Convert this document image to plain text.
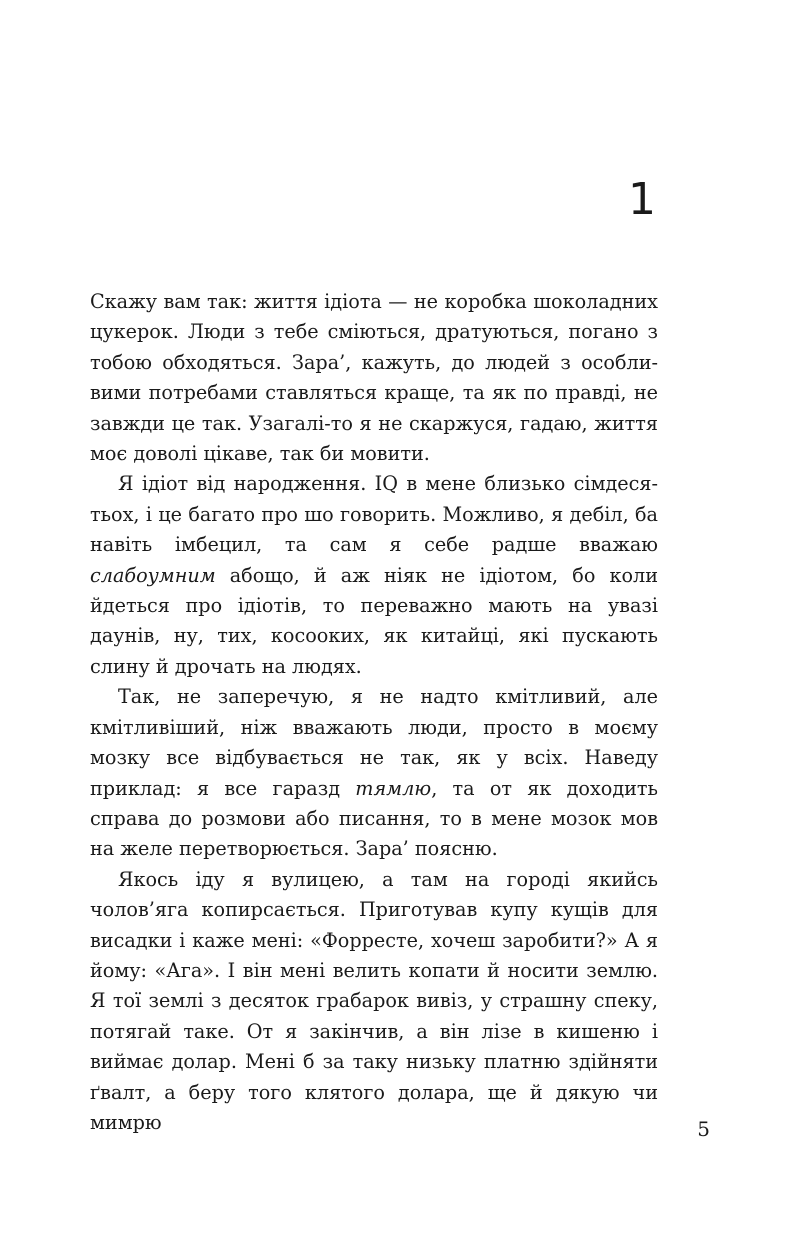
1

Скажу вам так: життя ідіота — не коробка шоколадних цукерок. Люди з тебе сміються, дратуються, погано з тобою обходяться. Зара’, кажуть, до людей з особливими потребами ставляться краще, та як по правді, не завжди це так. Узагалі-то я не скаржуся, гадаю, життя моє доволі цікаве, так би мовити.

Я ідіот від народження. IQ в мене близько сімдесятьох, і це багато про шо говорить. Можливо, я дебіл, ба навіть імбецил, та сам я себе радше вважаю слабоумним абощо, й аж ніяк не ідіотом, бо коли йдеться про ідіотів, то переважно мають на увазі даунів, ну, тих, косооких, як китайці, які пускають слину й дрочать на людях.

Так, не заперечую, я не надто кмітливий, але кмітливіший, ніж вважають люди, просто в моєму мозку все відбувається не так, як у всіх. Наведу приклад: я все гаразд тямлю, та от як доходить справа до розмови або писання, то в мене мозок мов на желе перетворюється. Зара’ поясню.

Якось іду я вулицею, а там на городі якийсь чолов’яга копирсається. Приготував купу кущів для висадки і каже мені: «Форресте, хочеш заробити?» А я йому: «Ага». І він мені велить копати й носити землю. Я тої землі з десяток грабарок вивіз, у страшну спеку, потягай таке. От я закінчив, а він лізе в кишеню і виймає долар. Мені б за таку низьку платню здійняти ґвалт, а беру того клятого долара, ще й дякую чи мимрю	5
